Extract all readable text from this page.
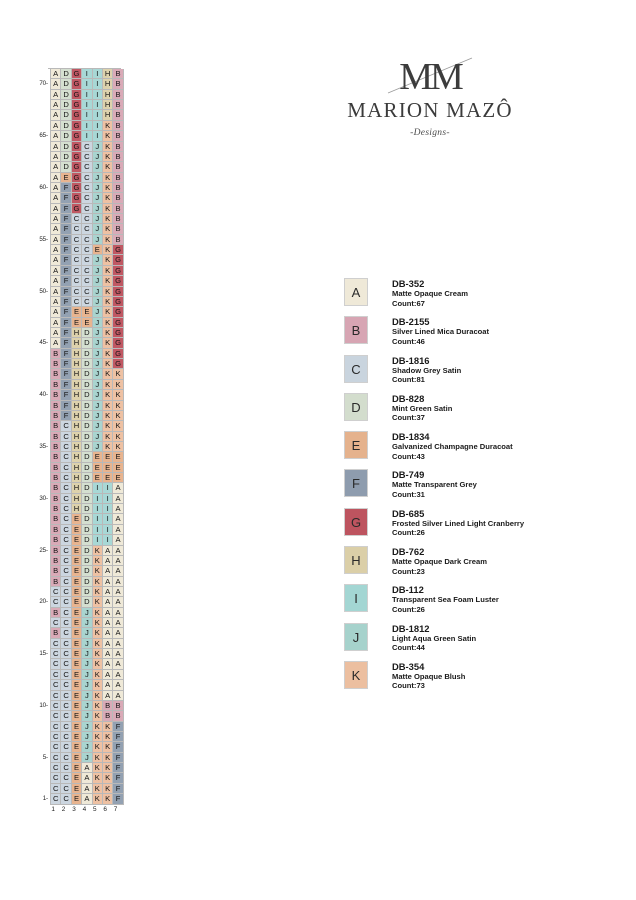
A D G I	I H B
70- A D G I	I H B
A D G I	I H B
A D G I	I H B
A D G I	I H B
A D G I	I K B
65- A D G I	I K B
A D G C J K B
A D G C J K B
A D G C J K B
A E G C J K B
60- A F G C J K B
A F G C J K B
A F G C J K B
A F C C J K B
A F C C J K B
55- A F C C J K B
A F C C E K G
A F C C J K G
A F C C J K G
A F C C J K G
50- A F C C J K G
A F C C J K G
A F E E J K G
A F E E J K G
A F H D J K G
45- A F H D J K G
B F H D J K G
B F H D J K G
B F H D J K K
B F H D J K K
40- B F H D J K K
B F H D J K K
B F H D J K K
B C H D J K K
B C H D J K K
35- B C H D J K K
B C H D E E E
B C H D E E E
B C H D E E E
B C H D I	I A
30- B C H D I	I A
B C H D I	I A
B C E D I	I A
B C E D I	I A
B C E D I	I A
25- B C E D K A A
B C E D K A A
B C E D K A A
B C E D K A A
C C E D K A A
20- C C E D K A A
B C E J K A A
C C E J K A A
B C E J K A A
C C E J K A A
15- C C E J K A A
C C E J K A A
C C E J K A A
C C E J K A A
C C E J K A A
10- C C E J K B B
C C E J K B B
C C E J K K F
C C E J K K F
C C E J K K F
5- C C E J K K F
C C E A K K F
C C E A K K F
C C E A K K F
1- C C E A K K F
1	2	3	4	5	6	7
MM
MARION MAZÔ
-Designs-
A
DB-352
Matte Opaque Cream
Count:67
B
DB-2155
Silver Lined Mica Duracoat
Count:46
C
DB-1816
Shadow Grey Satin
Count:81
D
DB-828
Mint Green Satin
Count:37
E
DB-1834
Galvanized Champagne Duracoat
Count:43
F
DB-749
Matte Transparent Grey
Count:31
G
DB-685
Frosted Silver Lined Light Cranberry
Count:26
H
DB-762
Matte Opaque Dark Cream
Count:23
I
DB-112
Transparent Sea Foam Luster
Count:26
J
DB-1812
Light Aqua Green Satin
Count:44
K
DB-354
Matte Opaque Blush
Count:73
